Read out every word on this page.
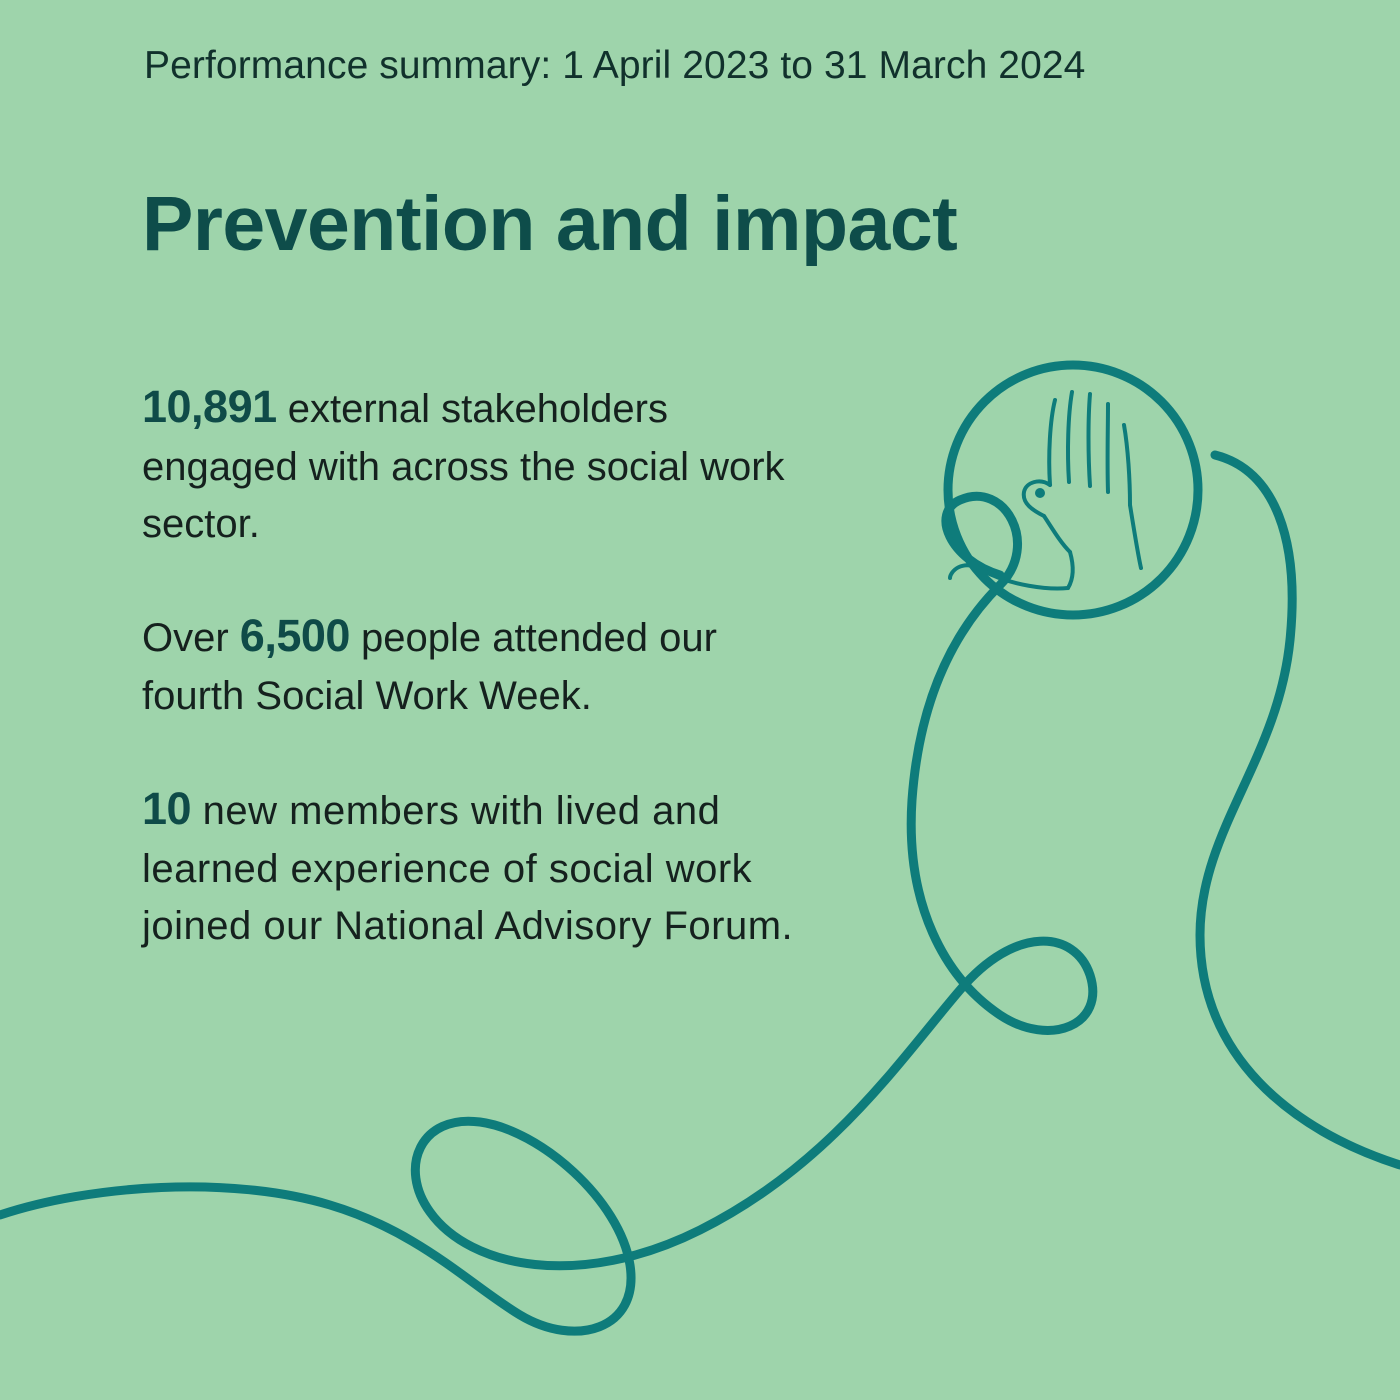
Performance summary: 1 April 2023 to 31 March 2024
Prevention and impact
10,891 external stakeholders engaged with across the social work sector.
Over 6,500 people attended our fourth Social Work Week.
10 new members with lived and learned experience of social work joined our National Advisory Forum.
